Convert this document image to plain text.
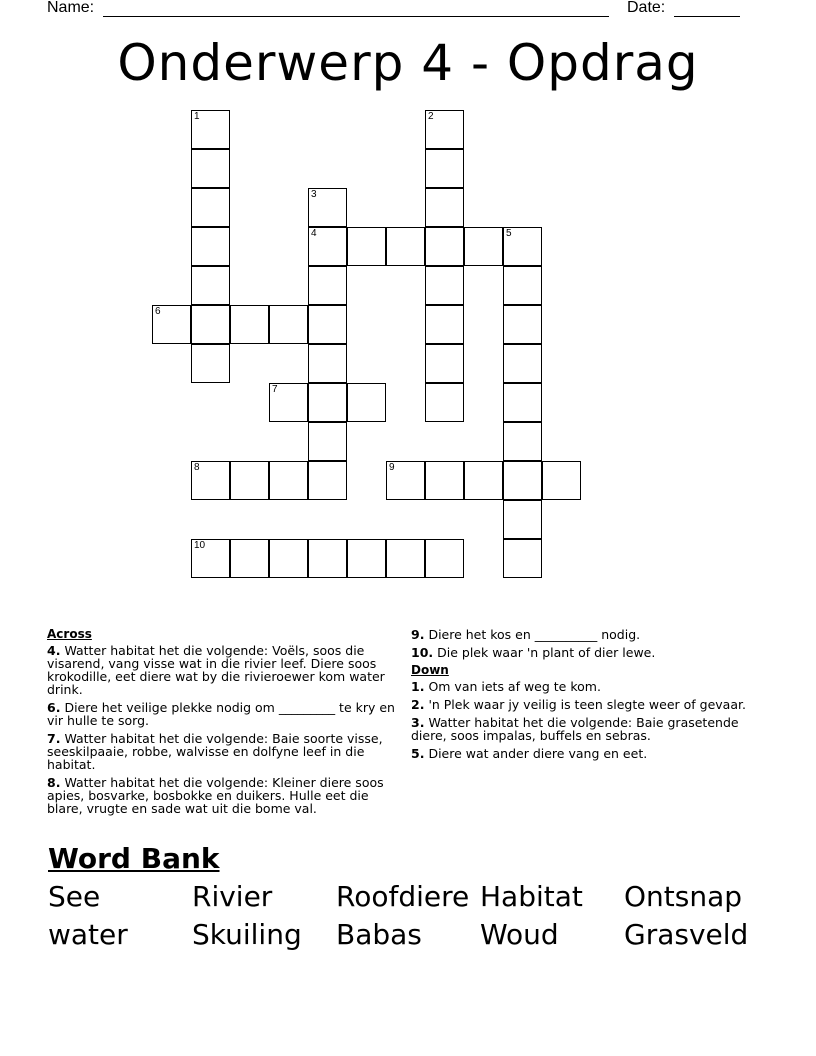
Name:	Date:
Onderwerp 4 - Opdrag
1	2
3
4	5
6
7
8	9
10
Across
4. Watter habitat het die volgende: Voëls, soos die visarend, vang visse wat in die rivier leef. Diere soos krokodille, eet diere wat by die rivieroewer kom water drink.
6. Diere het veilige plekke nodig om _________ te kry en vir hulle te sorg.
7. Watter habitat het die volgende: Baie soorte visse, seeskilpaaie, robbe, walvisse en dolfyne leef in die habitat.
8. Watter habitat het die volgende: Kleiner diere soos apies, bosvarke, bosbokke en duikers. Hulle eet die blare, vrugte en sade wat uit die bome val.
9. Diere het kos en __________ nodig.
10. Die plek waar 'n plant of dier lewe.
Down
1. Om van iets af weg te kom.
2. 'n Plek waar jy veilig is teen slegte weer of gevaar.
3. Watter habitat het die volgende: Baie grasetende diere, soos impalas, buffels en sebras.
5. Diere wat ander diere vang en eet.
Word Bank
See	Rivier Roofdiere Habitat Ontsnap
water Skuiling Babas Woud Grasveld
